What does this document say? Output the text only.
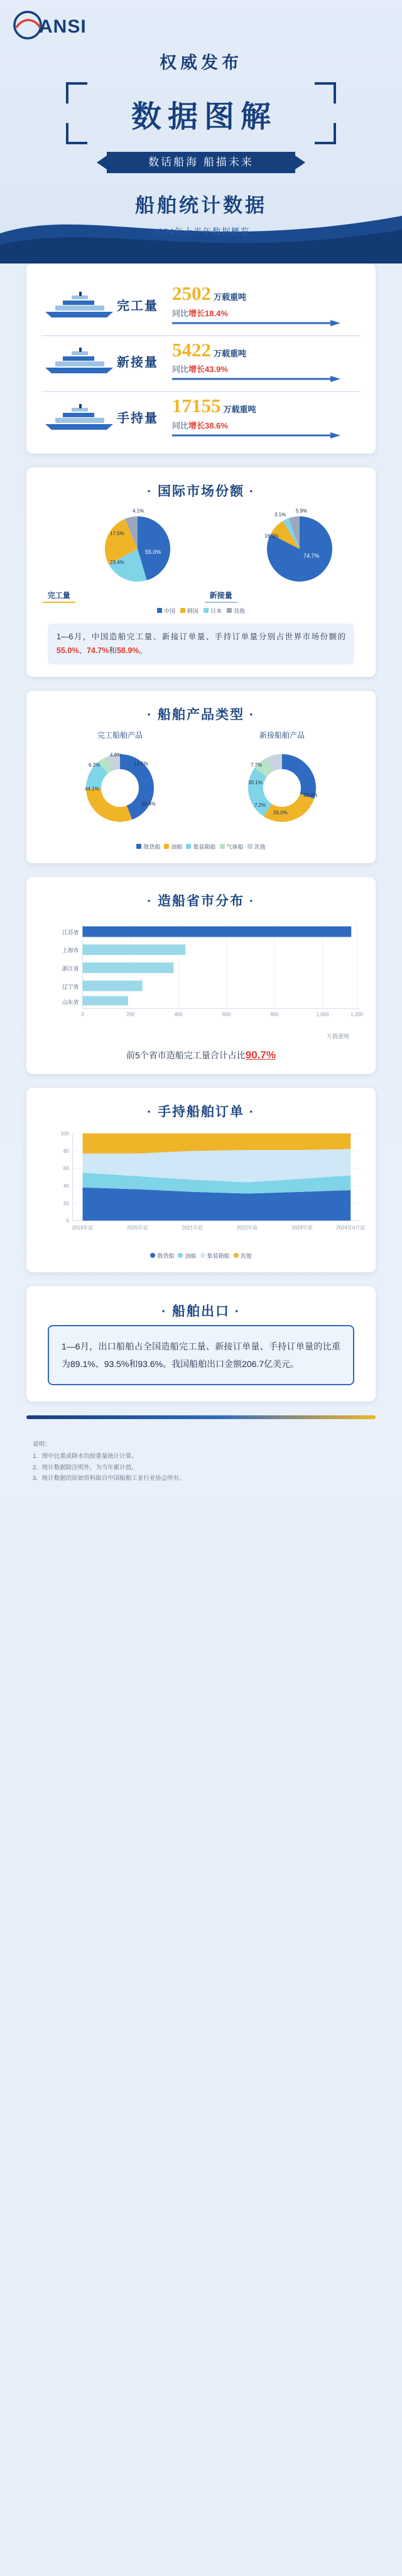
ANSI
权威发布
数据图解
数话船海 船描未来
船舶统计数据
2024年上半年数据概览
完工量
2502 万载重吨
同比增长18.4%
新接量
5422 万载重吨
同比增长43.9%
手持量
17155 万载重吨
同比增长38.6%
· 国际市场份额 ·
完工量
55.0%
23.4%
17.5%
4.1%
新接量
74.7%
16.3%
3.1%
5.9%
中国 韩国 日本 其他
1—6月，中国造船完工量、新接订单量、手持订单量分别占世界市场份额的 55.0%、74.7%和58.9%。
· 船舶产品类型 ·
完工船舶产品
44.1%
30.4%
14.5%
4.8%
6.2%
新接船舶产品
30.1%
29.0%
26.0%
7.2%
7.7%
散货船 油船 集装箱船 气体船 其他
· 造船省市分布 ·
江苏省
上海市
浙江省
辽宁省
山东省
0	200	400	600	800	1,000	1,200
万载重吨
前5个省市造船完工量合计占比90.7%
· 手持船舶订单 ·
0
20
40
60
80
100
2019年底	2020年底	2021年底	2022年底	2023年底	2024年6月底
散货船 油船 集装箱船 其他
· 船舶出口 ·
1—6月，出口船舶占全国造船完工量、新接订单量、手持订单量的比重为89.1%、93.5%和93.6%。我国船舶出口金额206.7亿美元。
说明：
1．图中比重或降水均按重量统计计算。
2．统计数据除注明外，为当年累计值。
3．统计数据的原始资料取自中国船舶工业行业协会所有。
